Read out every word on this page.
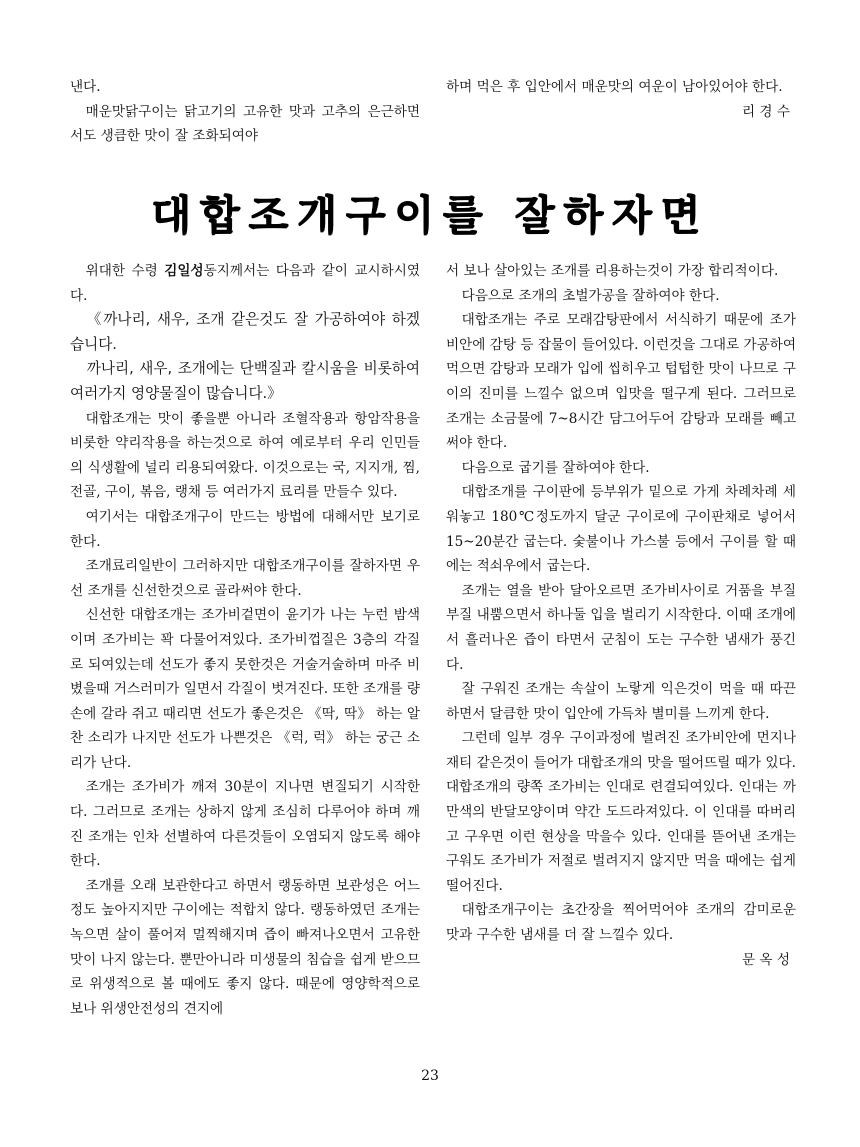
낸다.

매운맛닭구이는 닭고기의 고유한 맛과 고추의 은근하면서도 생큼한 맛이 잘 조화되여야

하며 먹은 후 입안에서 매운맛의 여운이 남아있어야 한다.

리 경 수

대합조개구이를 잘하자면

위대한 수령 김일성동지께서는 다음과 같이 교시하시였다.

《까나리, 새우, 조개 같은것도 잘 가공하여야 하겠습니다.

까나리, 새우, 조개에는 단백질과 칼시움을 비롯하여 여러가지 영양물질이 많습니다.》

대합조개는 맛이 좋을뿐 아니라 조혈작용과 항암작용을 비롯한 약리작용을 하는것으로 하여 예로부터 우리 인민들의 식생활에 널리 리용되여왔다. 이것으로는 국, 지지개, 찜, 전골, 구이, 볶음, 랭채 등 여러가지 료리를 만들수 있다.

여기서는 대합조개구이 만드는 방법에 대해서만 보기로 한다.

조개료리일반이 그러하지만 대합조개구이를 잘하자면 우선 조개를 신선한것으로 골라써야 한다.

신선한 대합조개는 조가비겉면이 윤기가 나는 누런 밤색이며 조가비는 꽉 다물어져있다. 조가비껍질은 3층의 각질로 되여있는데 선도가 좋지 못한것은 거술거술하며 마주 비볐을때 거스러미가 일면서 각질이 벗겨진다. 또한 조개를 량손에 갈라 쥐고 때리면 선도가 좋은것은 《딱, 딱》 하는 알찬 소리가 나지만 선도가 나쁜것은 《럭, 럭》 하는 궁근 소리가 난다.

조개는 조가비가 깨져 30분이 지나면 변질되기 시작한다. 그러므로 조개는 상하지 않게 조심히 다루어야 하며 깨진 조개는 인차 선별하여 다른것들이 오염되지 않도록 해야 한다.

조개를 오래 보관한다고 하면서 랭동하면 보관성은 어느 정도 높아지지만 구이에는 적합치 않다. 랭동하였던 조개는 녹으면 살이 풀어져 멀찍해지며 즙이 빠져나오면서 고유한 맛이 나지 않는다. 뿐만아니라 미생물의 침습을 쉽게 받으므로 위생적으로 볼 때에도 좋지 않다. 때문에 영양학적으로 보나 위생안전성의 견지에

서 보나 살아있는 조개를 리용하는것이 가장 합리적이다.

다음으로 조개의 초벌가공을 잘하여야 한다.

대합조개는 주로 모래감탕판에서 서식하기 때문에 조가비안에 감탕 등 잡물이 들어있다. 이런것을 그대로 가공하여 먹으면 감탕과 모래가 입에 씹히우고 텁텁한 맛이 나므로 구이의 진미를 느낄수 없으며 입맛을 떨구게 된다. 그러므로 조개는 소금물에 7~8시간 담그어두어 감탕과 모래를 빼고 써야 한다.

다음으로 굽기를 잘하여야 한다.

대합조개를 구이판에 등부위가 밑으로 가게 차례차례 세워놓고 180℃정도까지 달군 구이로에 구이판채로 넣어서 15~20분간 굽는다. 숯불이나 가스불 등에서 구이를 할 때에는 적쇠우에서 굽는다.

조개는 열을 받아 달아오르면 조가비사이로 거품을 부질부질 내뿜으면서 하나둘 입을 벌리기 시작한다. 이때 조개에서 흘러나온 즙이 타면서 군침이 도는 구수한 냄새가 풍긴다.

잘 구워진 조개는 속살이 노랗게 익은것이 먹을 때 따끈하면서 달큼한 맛이 입안에 가득차 별미를 느끼게 한다.

그런데 일부 경우 구이과정에 벌려진 조가비안에 먼지나 재티 같은것이 들어가 대합조개의 맛을 떨어뜨릴 때가 있다. 대합조개의 량쪽 조가비는 인대로 련결되여있다. 인대는 까만색의 반달모양이며 약간 도드라져있다. 이 인대를 따버리고 구우면 이런 현상을 막을수 있다. 인대를 뜯어낸 조개는 구워도 조가비가 저절로 벌려지지 않지만 먹을 때에는 쉽게 떨어진다.

대합조개구이는 초간장을 찍어먹어야 조개의 감미로운 맛과 구수한 냄새를 더 잘 느낄수 있다.

문 옥 성

23
